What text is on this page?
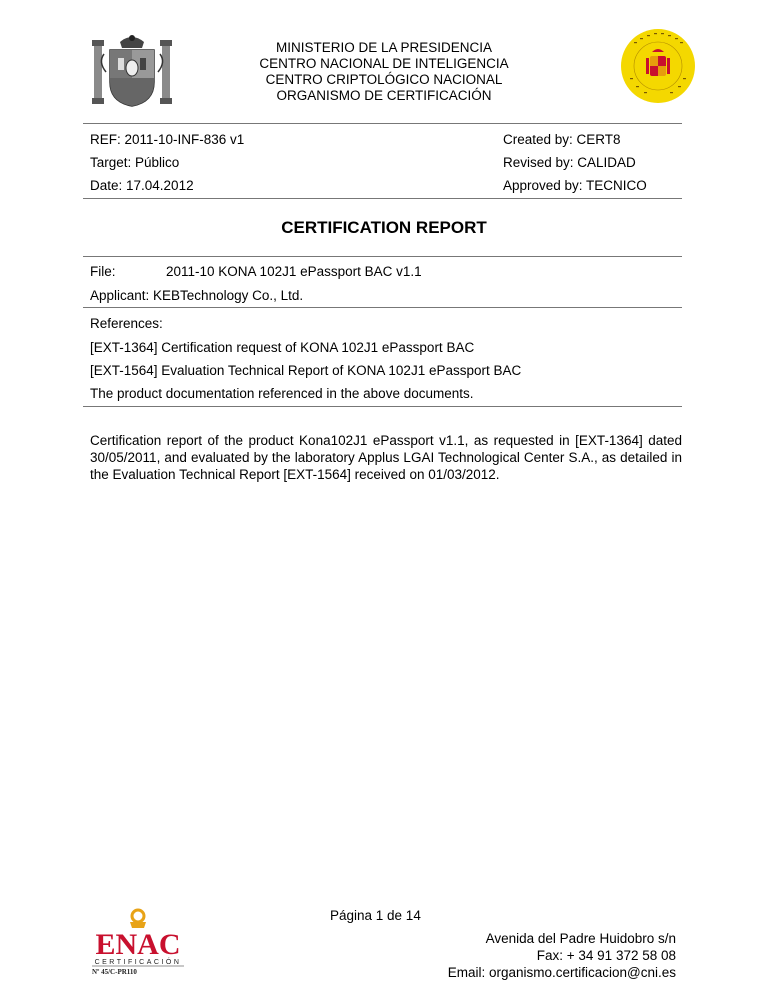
MINISTERIO DE LA PRESIDENCIA
CENTRO NACIONAL DE INTELIGENCIA
CENTRO CRIPTOLÓGICO NACIONAL
ORGANISMO DE CERTIFICACIÓN
REF: 2011-10-INF-836 v1	Created by: CERT8
Target: Público	Revised by: CALIDAD
Date: 17.04.2012	Approved by: TECNICO
CERTIFICATION REPORT
File:	2011-10 KONA 102J1 ePassport BAC v1.1
Applicant: KEBTechnology Co., Ltd.
References:
[EXT-1364] Certification request of KONA 102J1 ePassport BAC
[EXT-1564] Evaluation Technical Report of KONA 102J1 ePassport BAC
The product documentation referenced in the above documents.
Certification report of the product Kona102J1 ePassport v1.1, as requested in [EXT-1364] dated 30/05/2011, and evaluated by the laboratory Applus LGAI Technological Center S.A., as detailed in the Evaluation Technical Report [EXT-1564] received on 01/03/2012.
ENAC
CERTIFICACIÓN
Nº 45/C-PR110
Página 1 de 14
Avenida del Padre Huidobro s/n
Fax: + 34 91 372 58 08
Email: organismo.certificacion@cni.es
